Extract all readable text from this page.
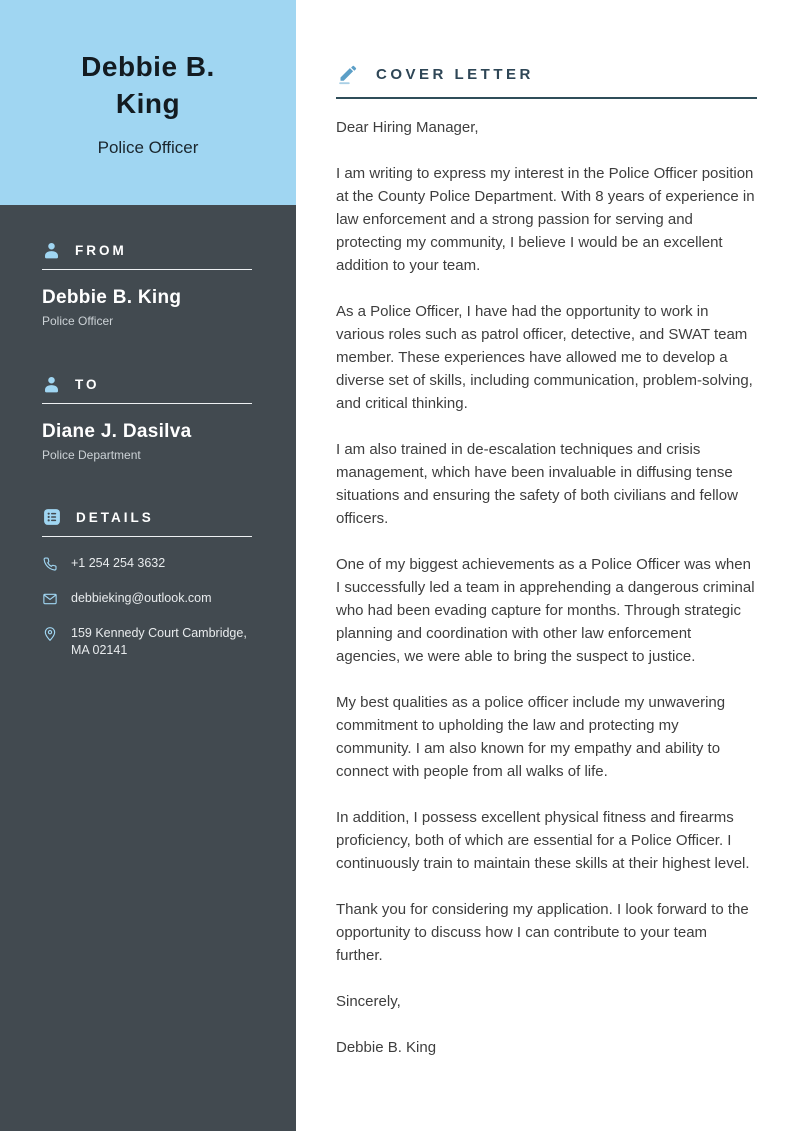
Debbie B. King
Police Officer
FROM
Debbie B. King
Police Officer
TO
Diane J. Dasilva
Police Department
DETAILS
+1 254 254 3632
debbieking@outlook.com
159 Kennedy Court Cambridge, MA 02141
COVER LETTER

Dear Hiring Manager,

I am writing to express my interest in the Police Officer position at the County Police Department. With 8 years of experience in law enforcement and a strong passion for serving and protecting my community, I believe I would be an excellent addition to your team.

As a Police Officer, I have had the opportunity to work in various roles such as patrol officer, detective, and SWAT team member. These experiences have allowed me to develop a diverse set of skills, including communication, problem-solving, and critical thinking.

I am also trained in de-escalation techniques and crisis management, which have been invaluable in diffusing tense situations and ensuring the safety of both civilians and fellow officers.

One of my biggest achievements as a Police Officer was when I successfully led a team in apprehending a dangerous criminal who had been evading capture for months. Through strategic planning and coordination with other law enforcement agencies, we were able to bring the suspect to justice.

My best qualities as a police officer include my unwavering commitment to upholding the law and protecting my community. I am also known for my empathy and ability to connect with people from all walks of life.

In addition, I possess excellent physical fitness and firearms proficiency, both of which are essential for a Police Officer. I continuously train to maintain these skills at their highest level.

Thank you for considering my application. I look forward to the opportunity to discuss how I can contribute to your team further.

Sincerely,

Debbie B. King
